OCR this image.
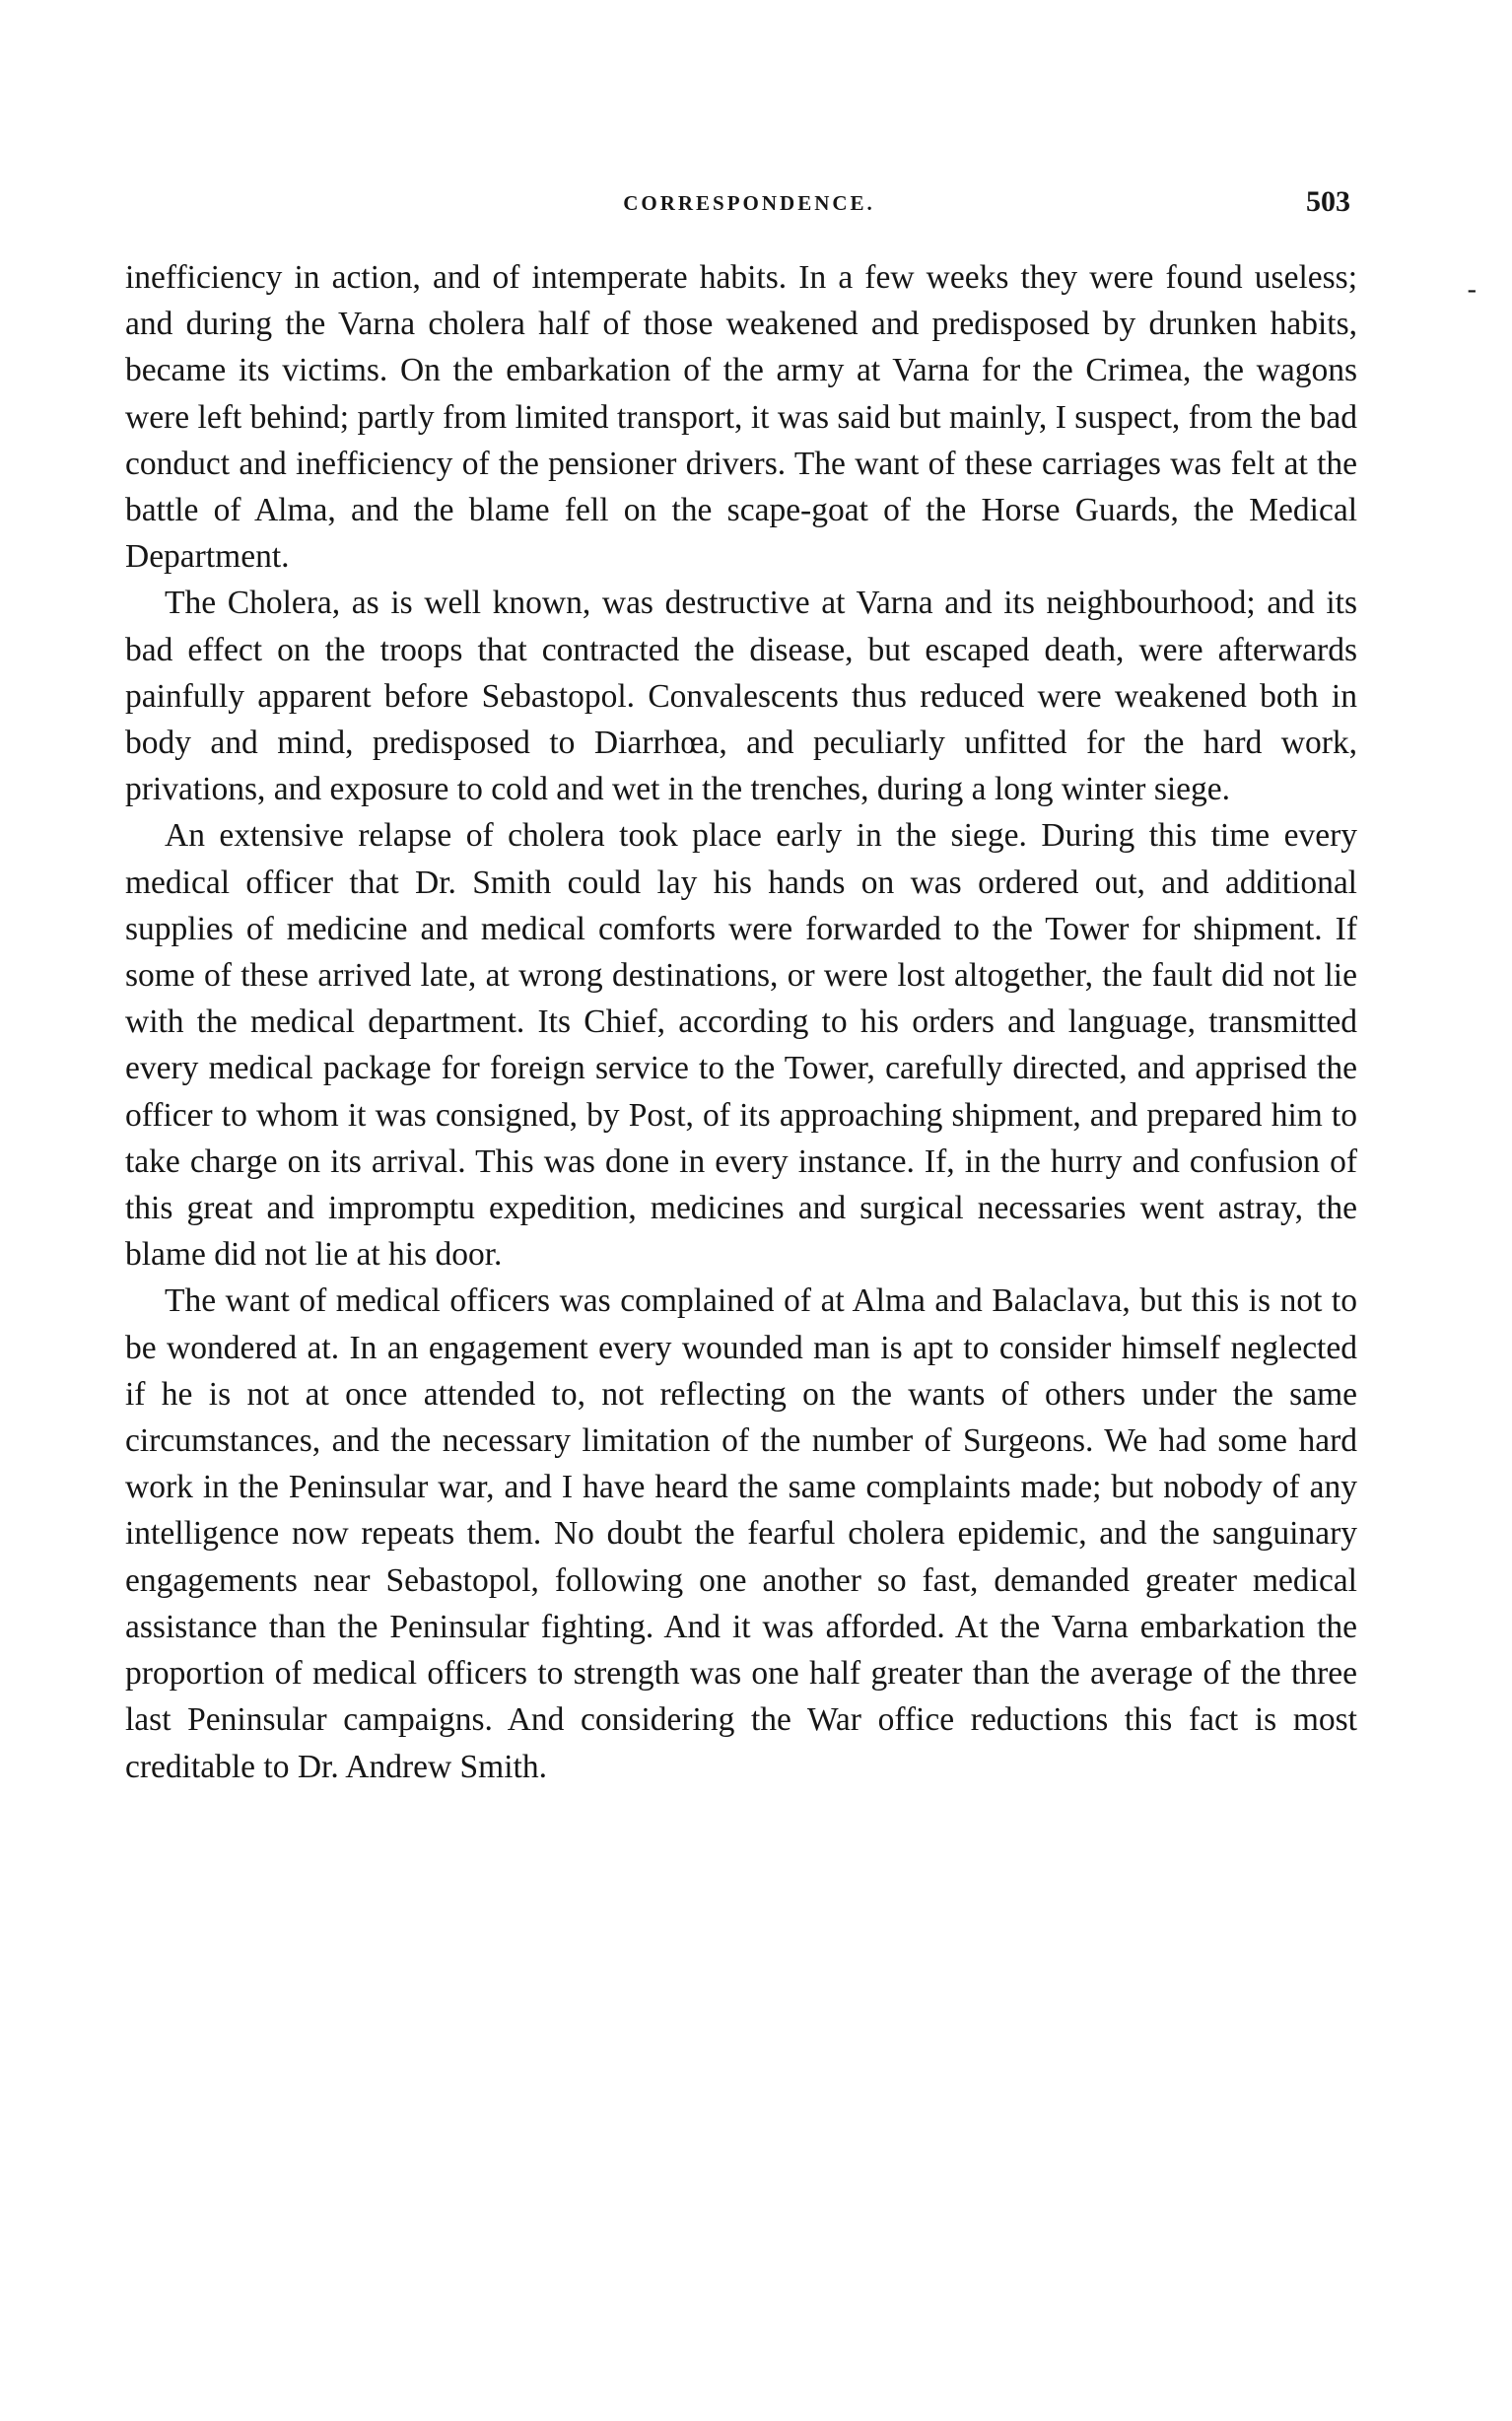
CORRESPONDENCE.	503
-

inefficiency in action, and of intemperate habits. In a few weeks they were found useless; and during the Varna cholera half of those weakened and predisposed by drunken habits, became its victims. On the embarkation of the army at Varna for the Crimea, the wagons were left behind; partly from limited transport, it was said but mainly, I suspect, from the bad conduct and inefficiency of the pensioner drivers. The want of these carriages was felt at the battle of Alma, and the blame fell on the scape-goat of the Horse Guards, the Medical Department.

The Cholera, as is well known, was destructive at Varna and its neighbourhood; and its bad effect on the troops that contracted the disease, but escaped death, were afterwards painfully apparent before Sebastopol. Convalescents thus reduced were weakened both in body and mind, predisposed to Diarrhœa, and peculiarly unfitted for the hard work, privations, and exposure to cold and wet in the trenches, during a long winter siege.

An extensive relapse of cholera took place early in the siege. During this time every medical officer that Dr. Smith could lay his hands on was ordered out, and additional supplies of medicine and medical comforts were forwarded to the Tower for shipment. If some of these arrived late, at wrong destinations, or were lost altogether, the fault did not lie with the medical department. Its Chief, according to his orders and language, transmitted every medical package for foreign service to the Tower, carefully directed, and apprised the officer to whom it was consigned, by Post, of its approaching shipment, and prepared him to take charge on its arrival. This was done in every instance. If, in the hurry and confusion of this great and impromptu expedition, medicines and surgical necessaries went astray, the blame did not lie at his door.

The want of medical officers was complained of at Alma and Balaclava, but this is not to be wondered at. In an engagement every wounded man is apt to consider himself neglected if he is not at once attended to, not reflecting on the wants of others under the same circumstances, and the necessary limitation of the number of Surgeons. We had some hard work in the Peninsular war, and I have heard the same complaints made; but nobody of any intelligence now repeats them. No doubt the fearful cholera epidemic, and the sanguinary engagements near Sebastopol, following one another so fast, demanded greater medical assistance than the Peninsular fighting. And it was afforded. At the Varna embarkation the proportion of medical officers to strength was one half greater than the average of the three last Peninsular campaigns. And considering the War office reductions this fact is most creditable to Dr. Andrew Smith.
